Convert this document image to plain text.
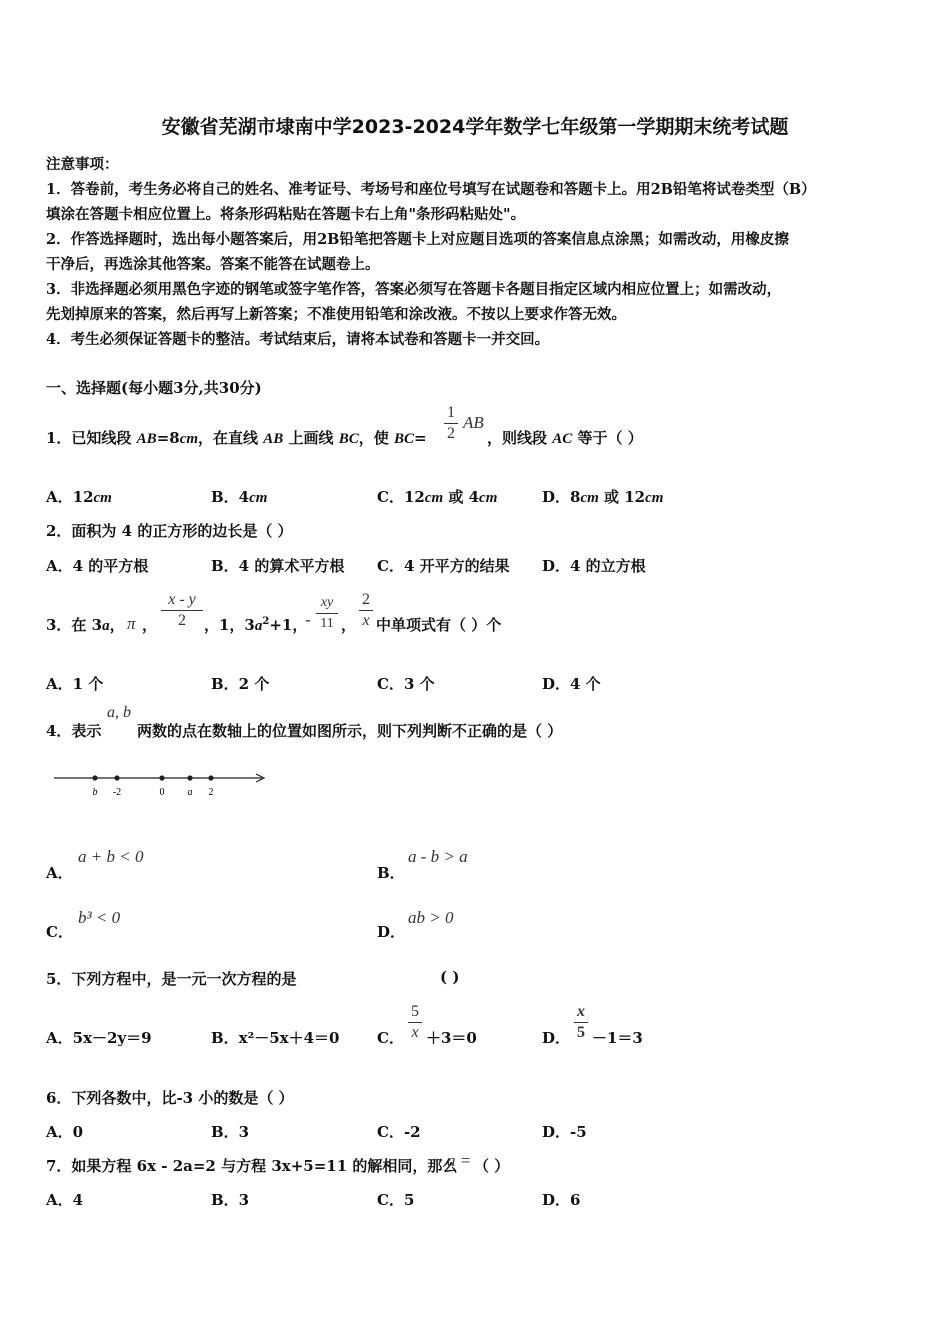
安徽省芜湖市埭南中学2023-2024学年数学七年级第一学期期末统考试题
注意事项：
1．答卷前，考生务必将自己的姓名、准考证号、考场号和座位号填写在试题卷和答题卡上。用2B铅笔将试卷类型（B）
填涂在答题卡相应位置上。将条形码粘贴在答题卡右上角"条形码粘贴处"。
2．作答选择题时，选出每小题答案后，用2B铅笔把答题卡上对应题目选项的答案信息点涂黑；如需改动，用橡皮擦
干净后，再选涂其他答案。答案不能答在试题卷上。
3．非选择题必须用黑色字迹的钢笔或签字笔作答，答案必须写在答题卡各题目指定区域内相应位置上；如需改动，
先划掉原来的答案，然后再写上新答案；不准使用铅笔和涂改液。不按以上要求作答无效。
4．考生必须保证答题卡的整洁。考试结束后，请将本试卷和答题卡一并交回。
一、选择题(每小题3分,共30分)
1．已知线段 AB=8cm，在直线 AB 上画线 BC，使 BC=
1
2
AB
，则线段 AC 等于（ ）
A．12cm	B．4cm	C．12cm 或 4cm	D．8cm 或 12cm
2．面积为 4 的正方形的边长是（ ）
A．4 的平方根	B．4 的算术平方根 C．4 开平方的结果 D．4 的立方根
3．在 3a， π ，
x - y
2	，1，$3a^2+1$，
-
xy
11 ，
2
x 中单项式有（ ）个
A．1 个	B．2 个	C．3 个	D．4 个
4．表示
a, b
两数的点在数轴上的位置如图所示，则下列判断不正确的是（ ）
b -2	0 a 2
A．
a + b < 0
B．
a - b > a
C．
b³ < 0
D．
ab > 0
5．下列方程中，是一元一次方程的是	( )
A．5x－2y＝9	B．x²－5x＋4＝0	C．
5
x ＋3＝0	D．
x
5 －1＝3
6．下列各数中，比-3 小的数是（ ）
A．0	B．3	C．-2	D．-5
7．如果方程 6x - 2a=2 与方程 3x+5=11 的解相同，那么
a = （ ）
A．4	B．3	C．5	D．6
